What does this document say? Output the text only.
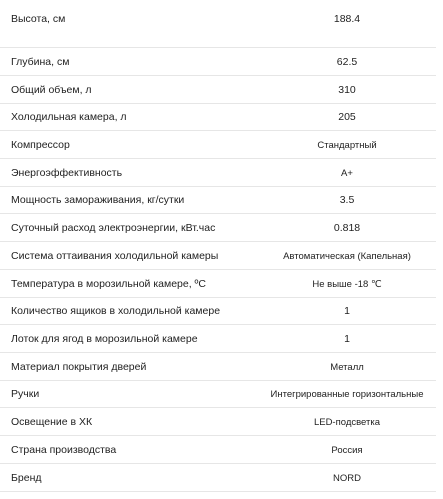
Высота, см	188.4
Глубина, см	62.5
Общий объем, л	310
Холодильная камера, л	205
Компрессор	Стандартный
Энергоэффективность	A+
Мощность замораживания, кг/сутки	3.5
Суточный расход электроэнергии, кВт.час	0.818
Система оттаивания холодильной камеры	Автоматическая (Капельная)
Температура в морозильной камере, ºС	Не выше -18 ℃
Количество ящиков в холодильной камере	1
Лоток для ягод в морозильной камере	1
Материал покрытия дверей	Металл
Ручки	Интегрированные горизонтальные
Освещение в ХК	LED-подсветка
Страна производства	Россия
Бренд	NORD
